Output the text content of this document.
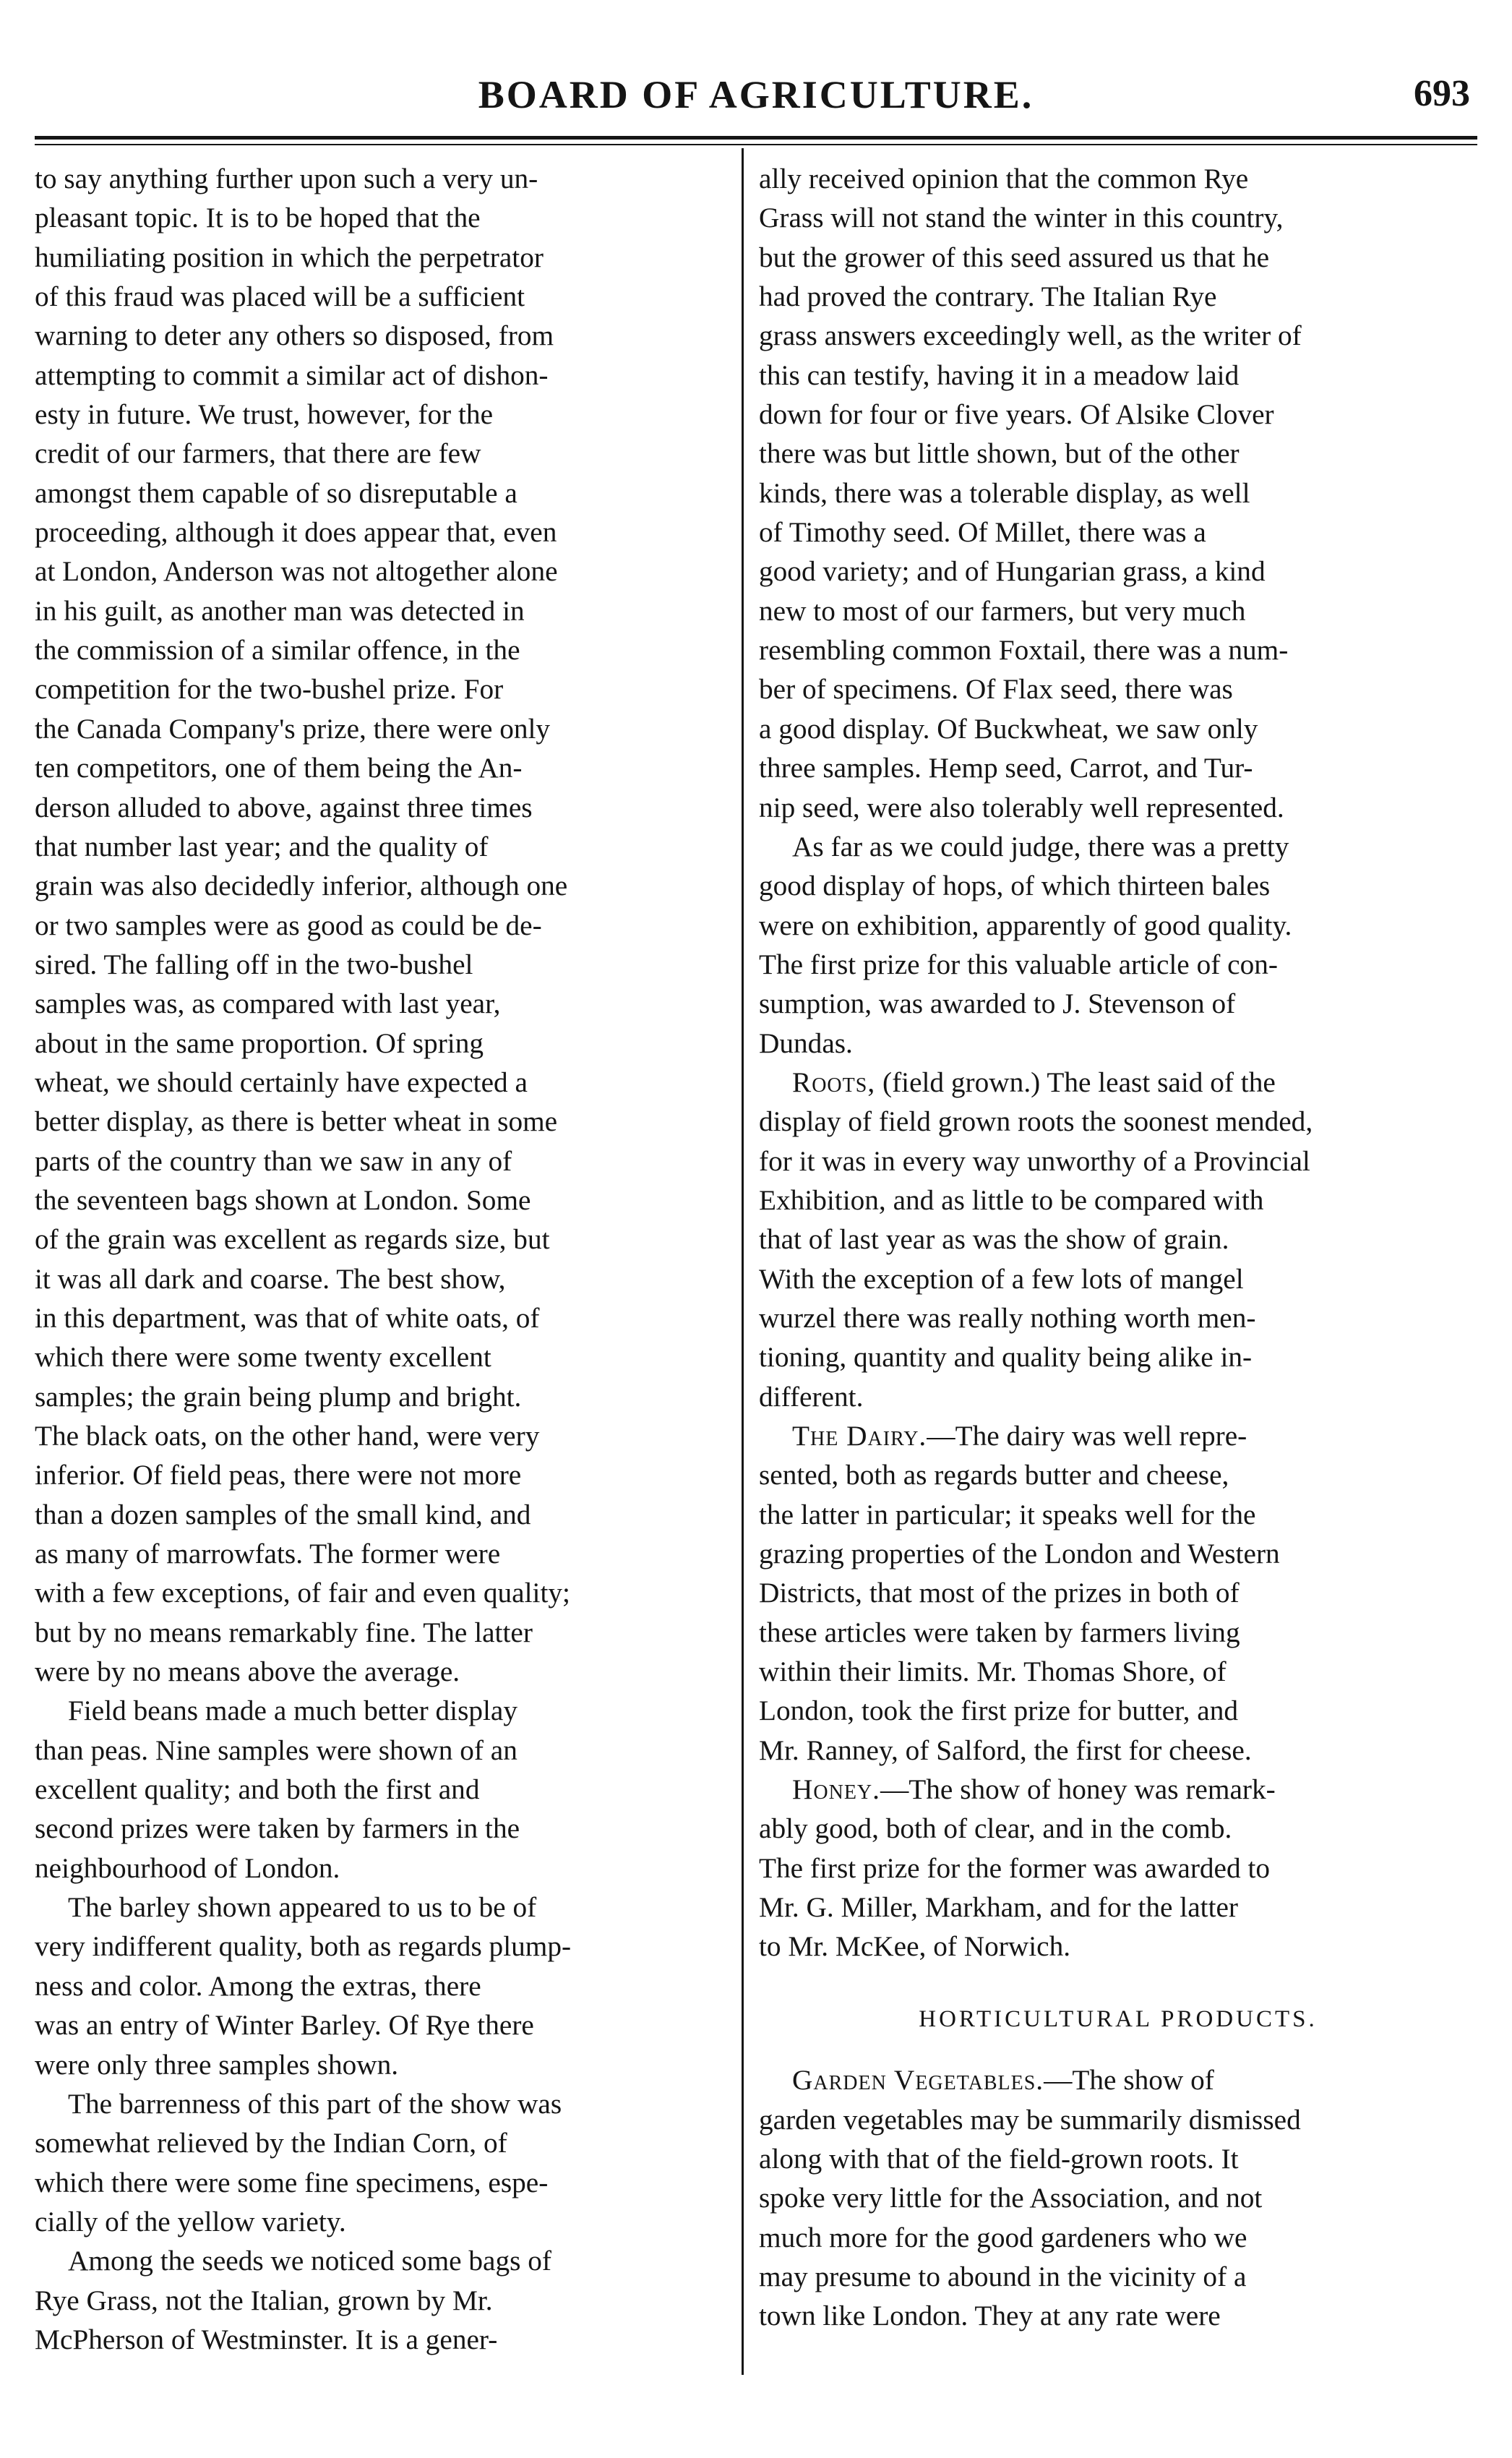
BOARD OF AGRICULTURE.	693

to say anything further upon such a very un-
pleasant topic. It is to be hoped that the
humiliating position in which the perpetrator
of this fraud was placed will be a sufficient
warning to deter any others so disposed, from
attempting to commit a similar act of dishon-
esty in future. We trust, however, for the
credit of our farmers, that there are few
amongst them capable of so disreputable a
proceeding, although it does appear that, even
at London, Anderson was not altogether alone
in his guilt, as another man was detected in
the commission of a similar offence, in the
competition for the two-bushel prize. For
the Canada Company's prize, there were only
ten competitors, one of them being the An-
derson alluded to above, against three times
that number last year; and the quality of
grain was also decidedly inferior, although one
or two samples were as good as could be de-
sired. The falling off in the two-bushel
samples was, as compared with last year,
about in the same proportion. Of spring
wheat, we should certainly have expected a
better display, as there is better wheat in some
parts of the country than we saw in any of
the seventeen bags shown at London. Some
of the grain was excellent as regards size, but
it was all dark and coarse. The best show,
in this department, was that of white oats, of
which there were some twenty excellent
samples; the grain being plump and bright.
The black oats, on the other hand, were very
inferior. Of field peas, there were not more
than a dozen samples of the small kind, and
as many of marrowfats. The former were
with a few exceptions, of fair and even quality;
but by no means remarkably fine. The latter
were by no means above the average.

Field beans made a much better display
than peas. Nine samples were shown of an
excellent quality; and both the first and
second prizes were taken by farmers in the
neighbourhood of London.

The barley shown appeared to us to be of
very indifferent quality, both as regards plump-
ness and color. Among the extras, there
was an entry of Winter Barley. Of Rye there
were only three samples shown.

The barrenness of this part of the show was
somewhat relieved by the Indian Corn, of
which there were some fine specimens, espe-
cially of the yellow variety.

Among the seeds we noticed some bags of
Rye Grass, not the Italian, grown by Mr.
McPherson of Westminster. It is a gener-

ally received opinion that the common Rye
Grass will not stand the winter in this country,
but the grower of this seed assured us that he
had proved the contrary. The Italian Rye
grass answers exceedingly well, as the writer of
this can testify, having it in a meadow laid
down for four or five years. Of Alsike Clover
there was but little shown, but of the other
kinds, there was a tolerable display, as well
of Timothy seed. Of Millet, there was a
good variety; and of Hungarian grass, a kind
new to most of our farmers, but very much
resembling common Foxtail, there was a num-
ber of specimens. Of Flax seed, there was
a good display. Of Buckwheat, we saw only
three samples. Hemp seed, Carrot, and Tur-
nip seed, were also tolerably well represented.

As far as we could judge, there was a pretty
good display of hops, of which thirteen bales
were on exhibition, apparently of good quality.
The first prize for this valuable article of con-
sumption, was awarded to J. Stevenson of
Dundas.

Roots, (field grown.) The least said of the
display of field grown roots the soonest mended,
for it was in every way unworthy of a Provincial
Exhibition, and as little to be compared with
that of last year as was the show of grain.
With the exception of a few lots of mangel
wurzel there was really nothing worth men-
tioning, quantity and quality being alike in-
different.

The Dairy.—The dairy was well repre-
sented, both as regards butter and cheese,
the latter in particular; it speaks well for the
grazing properties of the London and Western
Districts, that most of the prizes in both of
these articles were taken by farmers living
within their limits. Mr. Thomas Shore, of
London, took the first prize for butter, and
Mr. Ranney, of Salford, the first for cheese.

Honey.—The show of honey was remark-
ably good, both of clear, and in the comb.
The first prize for the former was awarded to
Mr. G. Miller, Markham, and for the latter
to Mr. McKee, of Norwich.

HORTICULTURAL PRODUCTS.

Garden Vegetables.—The show of
garden vegetables may be summarily dismissed
along with that of the field-grown roots. It
spoke very little for the Association, and not
much more for the good gardeners who we
may presume to abound in the vicinity of a
town like London. They at any rate were
